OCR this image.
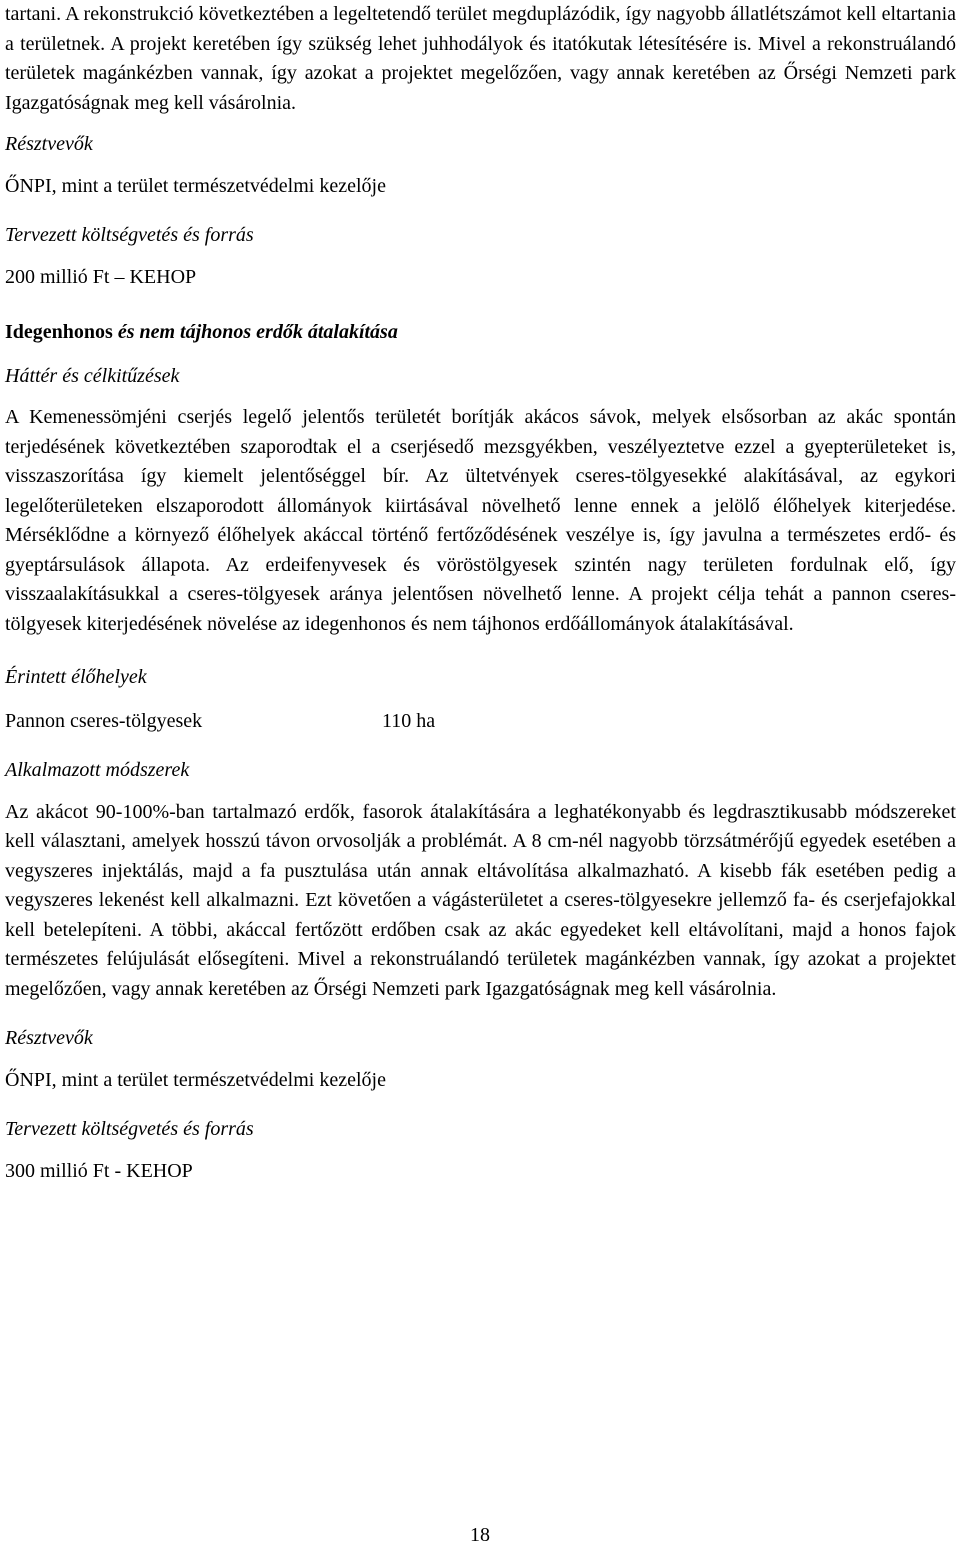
tartani. A rekonstrukció következtében a legeltetendő terület megduplázódik, így nagyobb állatlétszámot kell eltartania a területnek. A projekt keretében így szükség lehet juhhodályok és itatókutak létesítésére is. Mivel a rekonstruálandó területek magánkézben vannak, így azokat a projektet megelőzően, vagy annak keretében az Őrségi Nemzeti park Igazgatóságnak meg kell vásárolnia.

Résztvevők

ŐNPI, mint a terület természetvédelmi kezelője

Tervezett költségvetés és forrás

200 millió Ft – KEHOP

Idegenhonos és nem tájhonos erdők átalakítása

Háttér és célkitűzések

A Kemenessömjéni cserjés legelő jelentős területét borítják akácos sávok, melyek elsősorban az akác spontán terjedésének következtében szaporodtak el a cserjésedő mezsgyékben, veszélyeztetve ezzel a gyepterületeket is, visszaszorítása így kiemelt jelentőséggel bír. Az ültetvények cseres-tölgyesekké alakításával, az egykori legelőterületeken elszaporodott állományok kiirtásával növelhető lenne ennek a jelölő élőhelyek kiterjedése. Mérséklődne a környező élőhelyek akáccal történő fertőződésének veszélye is, így javulna a természetes erdő- és gyeptársulások állapota. Az erdeifenyvesek és vöröstölgyesek szintén nagy területen fordulnak elő, így visszaalakításukkal a cseres-tölgyesek aránya jelentősen növelhető lenne. A projekt célja tehát a pannon cseres-tölgyesek kiterjedésének növelése az idegenhonos és nem tájhonos erdőállományok átalakításával.

Érintett élőhelyek

Pannon cseres-tölgyesek	110 ha

Alkalmazott módszerek

Az akácot 90-100%-ban tartalmazó erdők, fasorok átalakítására a leghatékonyabb és legdrasztikusabb módszereket kell választani, amelyek hosszú távon orvosolják a problémát. A 8 cm-nél nagyobb törzsátmérőjű egyedek esetében a vegyszeres injektálás, majd a fa pusztulása után annak eltávolítása alkalmazható. A kisebb fák esetében pedig a vegyszeres lekenést kell alkalmazni. Ezt követően a vágásterületet a cseres-tölgyesekre jellemző fa- és cserjefajokkal kell betelepíteni. A többi, akáccal fertőzött erdőben csak az akác egyedeket kell eltávolítani, majd a honos fajok természetes felújulását elősegíteni. Mivel a rekonstruálandó területek magánkézben vannak, így azokat a projektet megelőzően, vagy annak keretében az Őrségi Nemzeti park Igazgatóságnak meg kell vásárolnia.

Résztvevők

ŐNPI, mint a terület természetvédelmi kezelője

Tervezett költségvetés és forrás

300 millió Ft - KEHOP

18
